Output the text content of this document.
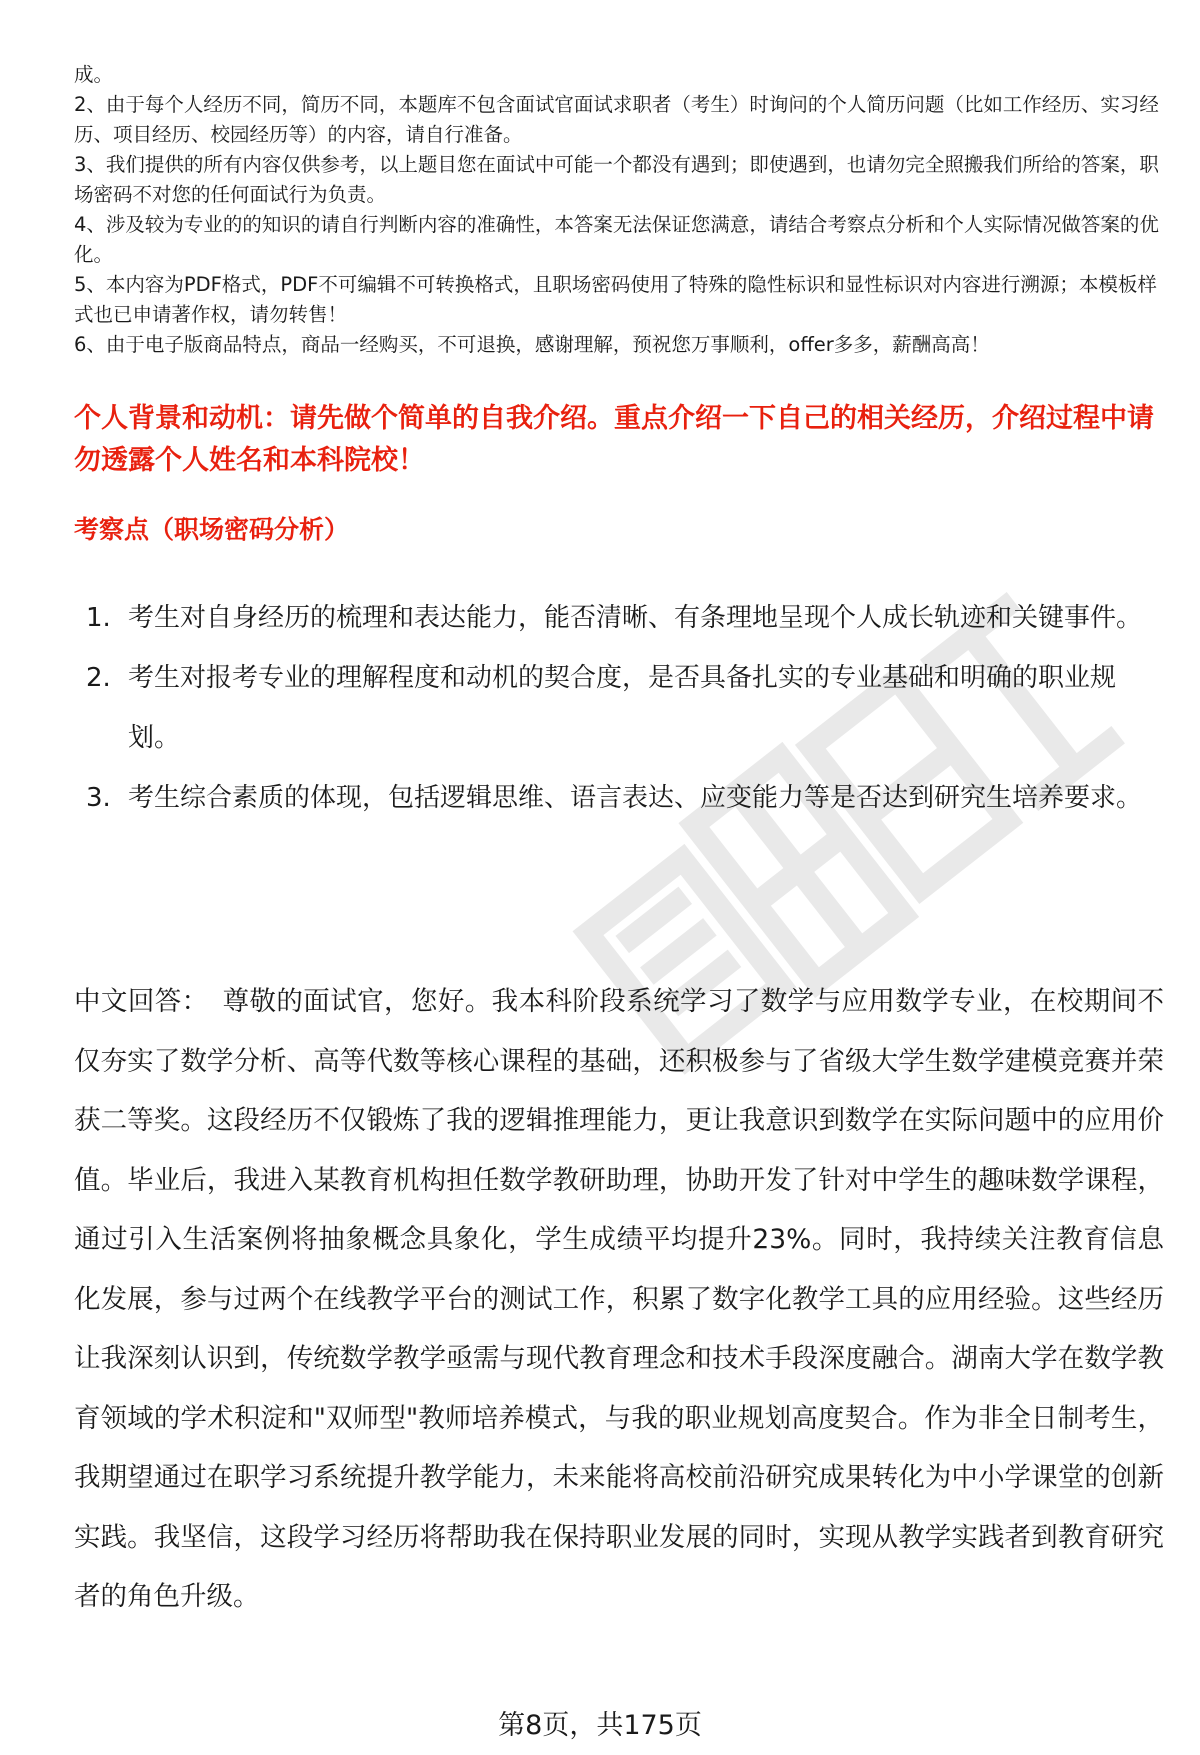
成。

2、由于每个人经历不同，简历不同，本题库不包含面试官面试求职者（考生）时询问的个人简历问题（比如工作经历、实习经历、项目经历、校园经历等）的内容，请自行准备。

3、我们提供的所有内容仅供参考，以上题目您在面试中可能一个都没有遇到；即使遇到，也请勿完全照搬我们所给的答案，职场密码不对您的任何面试行为负责。

4、涉及较为专业的的知识的请自行判断内容的准确性，本答案无法保证您满意，请结合考察点分析和个人实际情况做答案的优化。

5、本内容为PDF格式，PDF不可编辑不可转换格式，且职场密码使用了特殊的隐性标识和显性标识对内容进行溯源；本模板样式也已申请著作权，请勿转售！

6、由于电子版商品特点，商品一经购买，不可退换，感谢理解，预祝您万事顺利，offer多多，薪酬高高！

个人背景和动机：请先做个简单的自我介绍。重点介绍一下自己的相关经历，介绍过程中请勿透露个人姓名和本科院校！

考察点（职场密码分析）

1. 考生对自身经历的梳理和表达能力，能否清晰、有条理地呈现个人成长轨迹和关键事件。
2. 考生对报考专业的理解程度和动机的契合度，是否具备扎实的专业基础和明确的职业规划。
3. 考生综合素质的体现，包括逻辑思维、语言表达、应变能力等是否达到研究生培养要求。

中文回答： 尊敬的面试官，您好。我本科阶段系统学习了数学与应用数学专业，在校期间不仅夯实了数学分析、高等代数等核心课程的基础，还积极参与了省级大学生数学建模竞赛并荣获二等奖。这段经历不仅锻炼了我的逻辑推理能力，更让我意识到数学在实际问题中的应用价值。毕业后，我进入某教育机构担任数学教研助理，协助开发了针对中学生的趣味数学课程，通过引入生活案例将抽象概念具象化，学生成绩平均提升23%。同时，我持续关注教育信息化发展，参与过两个在线教学平台的测试工作，积累了数字化教学工具的应用经验。这些经历让我深刻认识到，传统数学教学亟需与现代教育理念和技术手段深度融合。湖南大学在数学教育领域的学术积淀和"双师型"教师培养模式，与我的职业规划高度契合。作为非全日制考生，我期望通过在职学习系统提升教学能力，未来能将高校前沿研究成果转化为中小学课堂的创新实践。我坚信，这段学习经历将帮助我在保持职业发展的同时，实现从教学实践者到教育研究者的角色升级。

第8页，共175页
